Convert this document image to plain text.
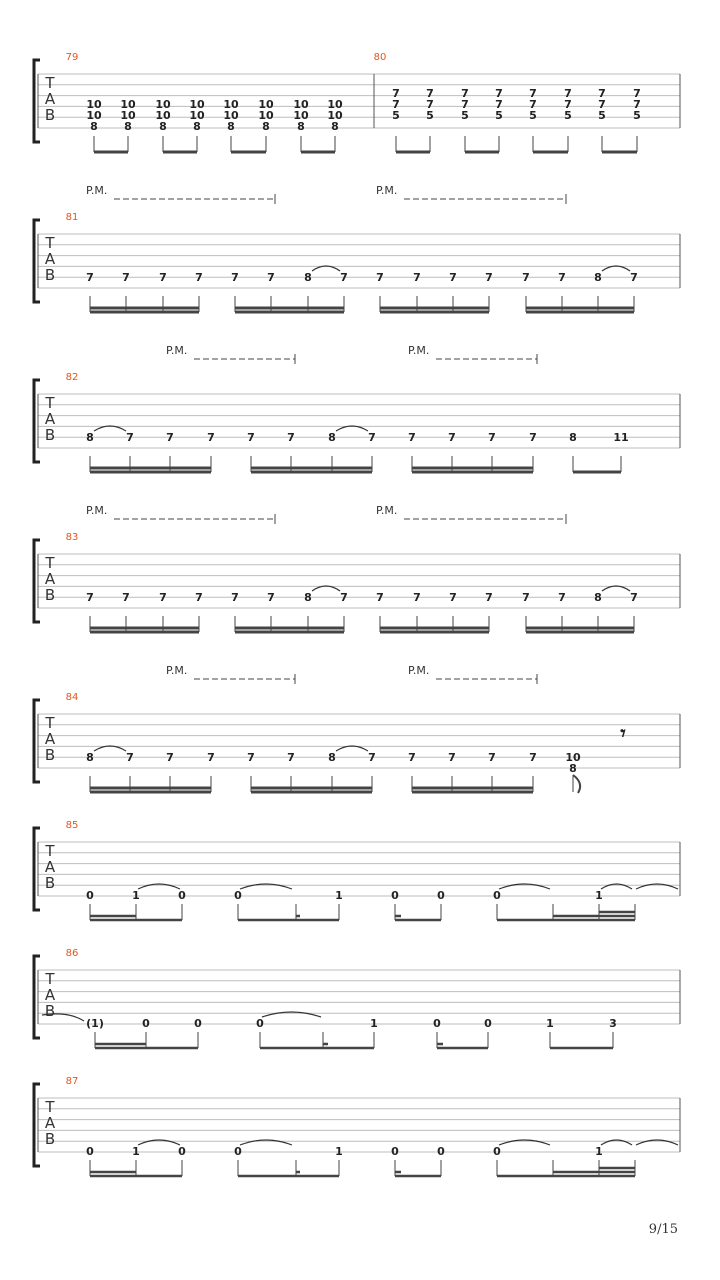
T
A
B
79	80
10
10
8
10
10
8
10
10
8
10
10
8
10
10
8
10
10
8
10
10
8
10
10
8
7
7
5
7
7
5
7
7
5
7
7
5
7
7
5
7
7
5
7
7
5
7
7
5
T
A
B
81
7	7	7	7	7	7	8	7	7	7	7	7	7	7	8	7
P.M.	P.M.
T
A
B
82
8	7	7	7	7	7	8	7	7	7	7	7	8	11
P.M.	P.M.
T
A
B
83
7	7	7	7	7	7	8	7	7	7	7	7	7	7	8	7
P.M.	P.M.
T
A
B
84
8	7	7	7	7	7	8	7	7	7	7	7	10
8
𝄾
P.M.	P.M.
T
A
B
85
0	1	0	0	1	0	0	0	1
T
A
B
86
(1)	0	0	0	1	0	0	1	3
T
A
B
87
0	1	0	0	1	0	0	0	1
9/15
